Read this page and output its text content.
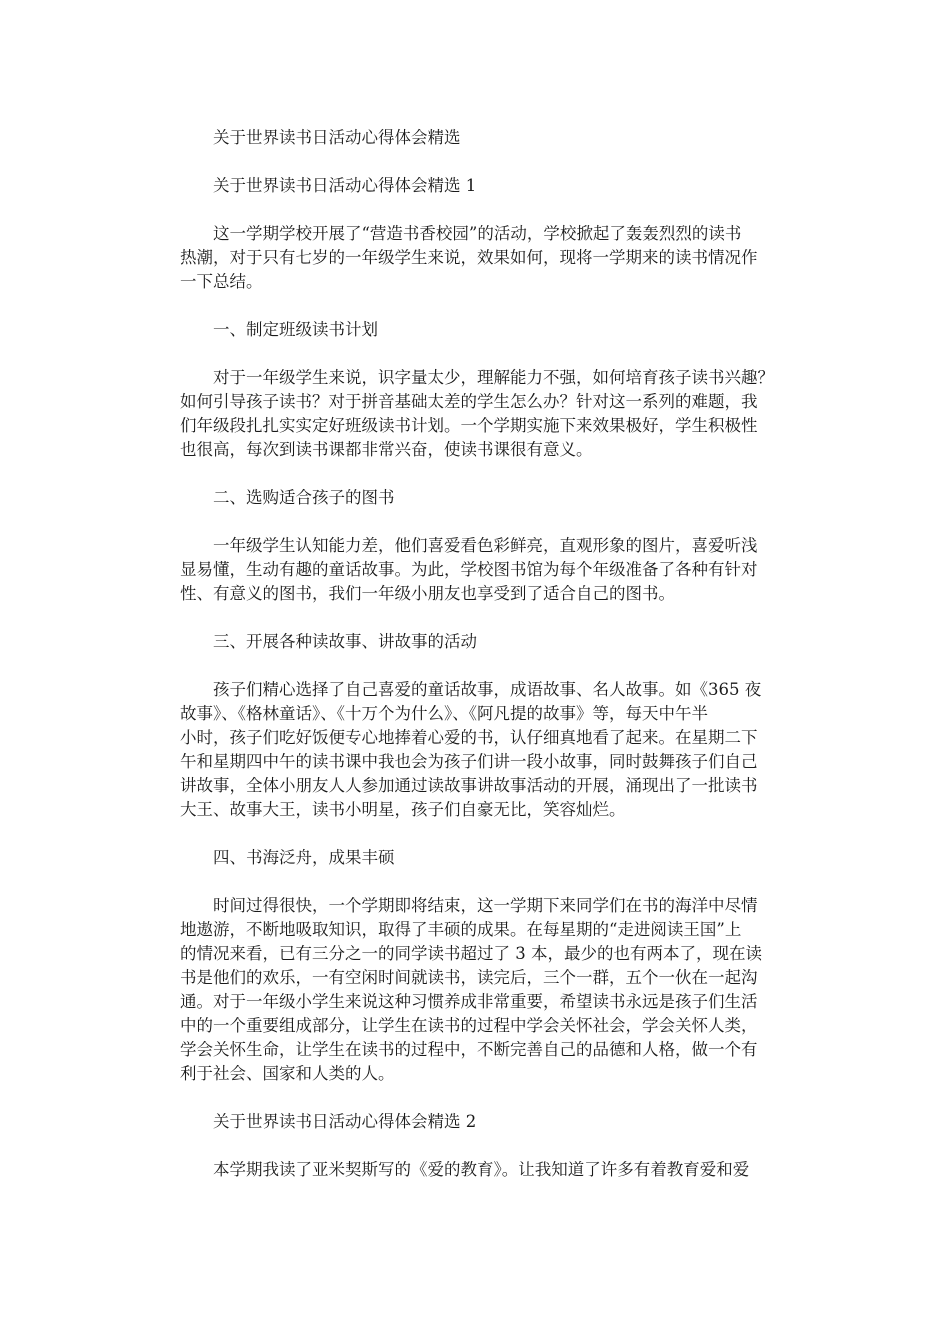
关于世界读书日活动心得体会精选

关于世界读书日活动心得体会精选 1

这一学期学校开展了“营造书香校园”的活动，学校掀起了轰轰烈烈的读书

热潮，对于只有七岁的一年级学生来说，效果如何，现将一学期来的读书情况作

一下总结。

一、制定班级读书计划

对于一年级学生来说，识字量太少，理解能力不强，如何培育孩子读书兴趣？

如何引导孩子读书？对于拼音基础太差的学生怎么办？针对这一系列的难题，我

们年级段扎扎实实定好班级读书计划。一个学期实施下来效果极好，学生积极性

也很高，每次到读书课都非常兴奋，使读书课很有意义。

二、选购适合孩子的图书

一年级学生认知能力差，他们喜爱看色彩鲜亮，直观形象的图片，喜爱听浅

显易懂，生动有趣的童话故事。为此，学校图书馆为每个年级准备了各种有针对

性、有意义的图书，我们一年级小朋友也享受到了适合自己的图书。

三、开展各种读故事、讲故事的活动

孩子们精心选择了自己喜爱的童话故事，成语故事、名人故事。如《365 夜

故事》、《格林童话》、《十万个为什么》、《阿凡提的故事》等，每天中午半

小时，孩子们吃好饭便专心地捧着心爱的书，认仔细真地看了起来。在星期二下

午和星期四中午的读书课中我也会为孩子们讲一段小故事，同时鼓舞孩子们自己

讲故事，全体小朋友人人参加通过读故事讲故事活动的开展，涌现出了一批读书

大王、故事大王，读书小明星，孩子们自豪无比，笑容灿烂。

四、书海泛舟，成果丰硕

时间过得很快，一个学期即将结束，这一学期下来同学们在书的海洋中尽情

地遨游，不断地吸取知识，取得了丰硕的成果。在每星期的“走进阅读王国”上

的情况来看，已有三分之一的同学读书超过了 3 本，最少的也有两本了，现在读

书是他们的欢乐，一有空闲时间就读书，读完后，三个一群，五个一伙在一起沟

通。对于一年级小学生来说这种习惯养成非常重要，希望读书永远是孩子们生活

中的一个重要组成部分，让学生在读书的过程中学会关怀社会，学会关怀人类，

学会关怀生命，让学生在读书的过程中，不断完善自己的品德和人格，做一个有

利于社会、国家和人类的人。

关于世界读书日活动心得体会精选 2

本学期我读了亚米契斯写的《爱的教育》。让我知道了许多有着教育爱和爱
